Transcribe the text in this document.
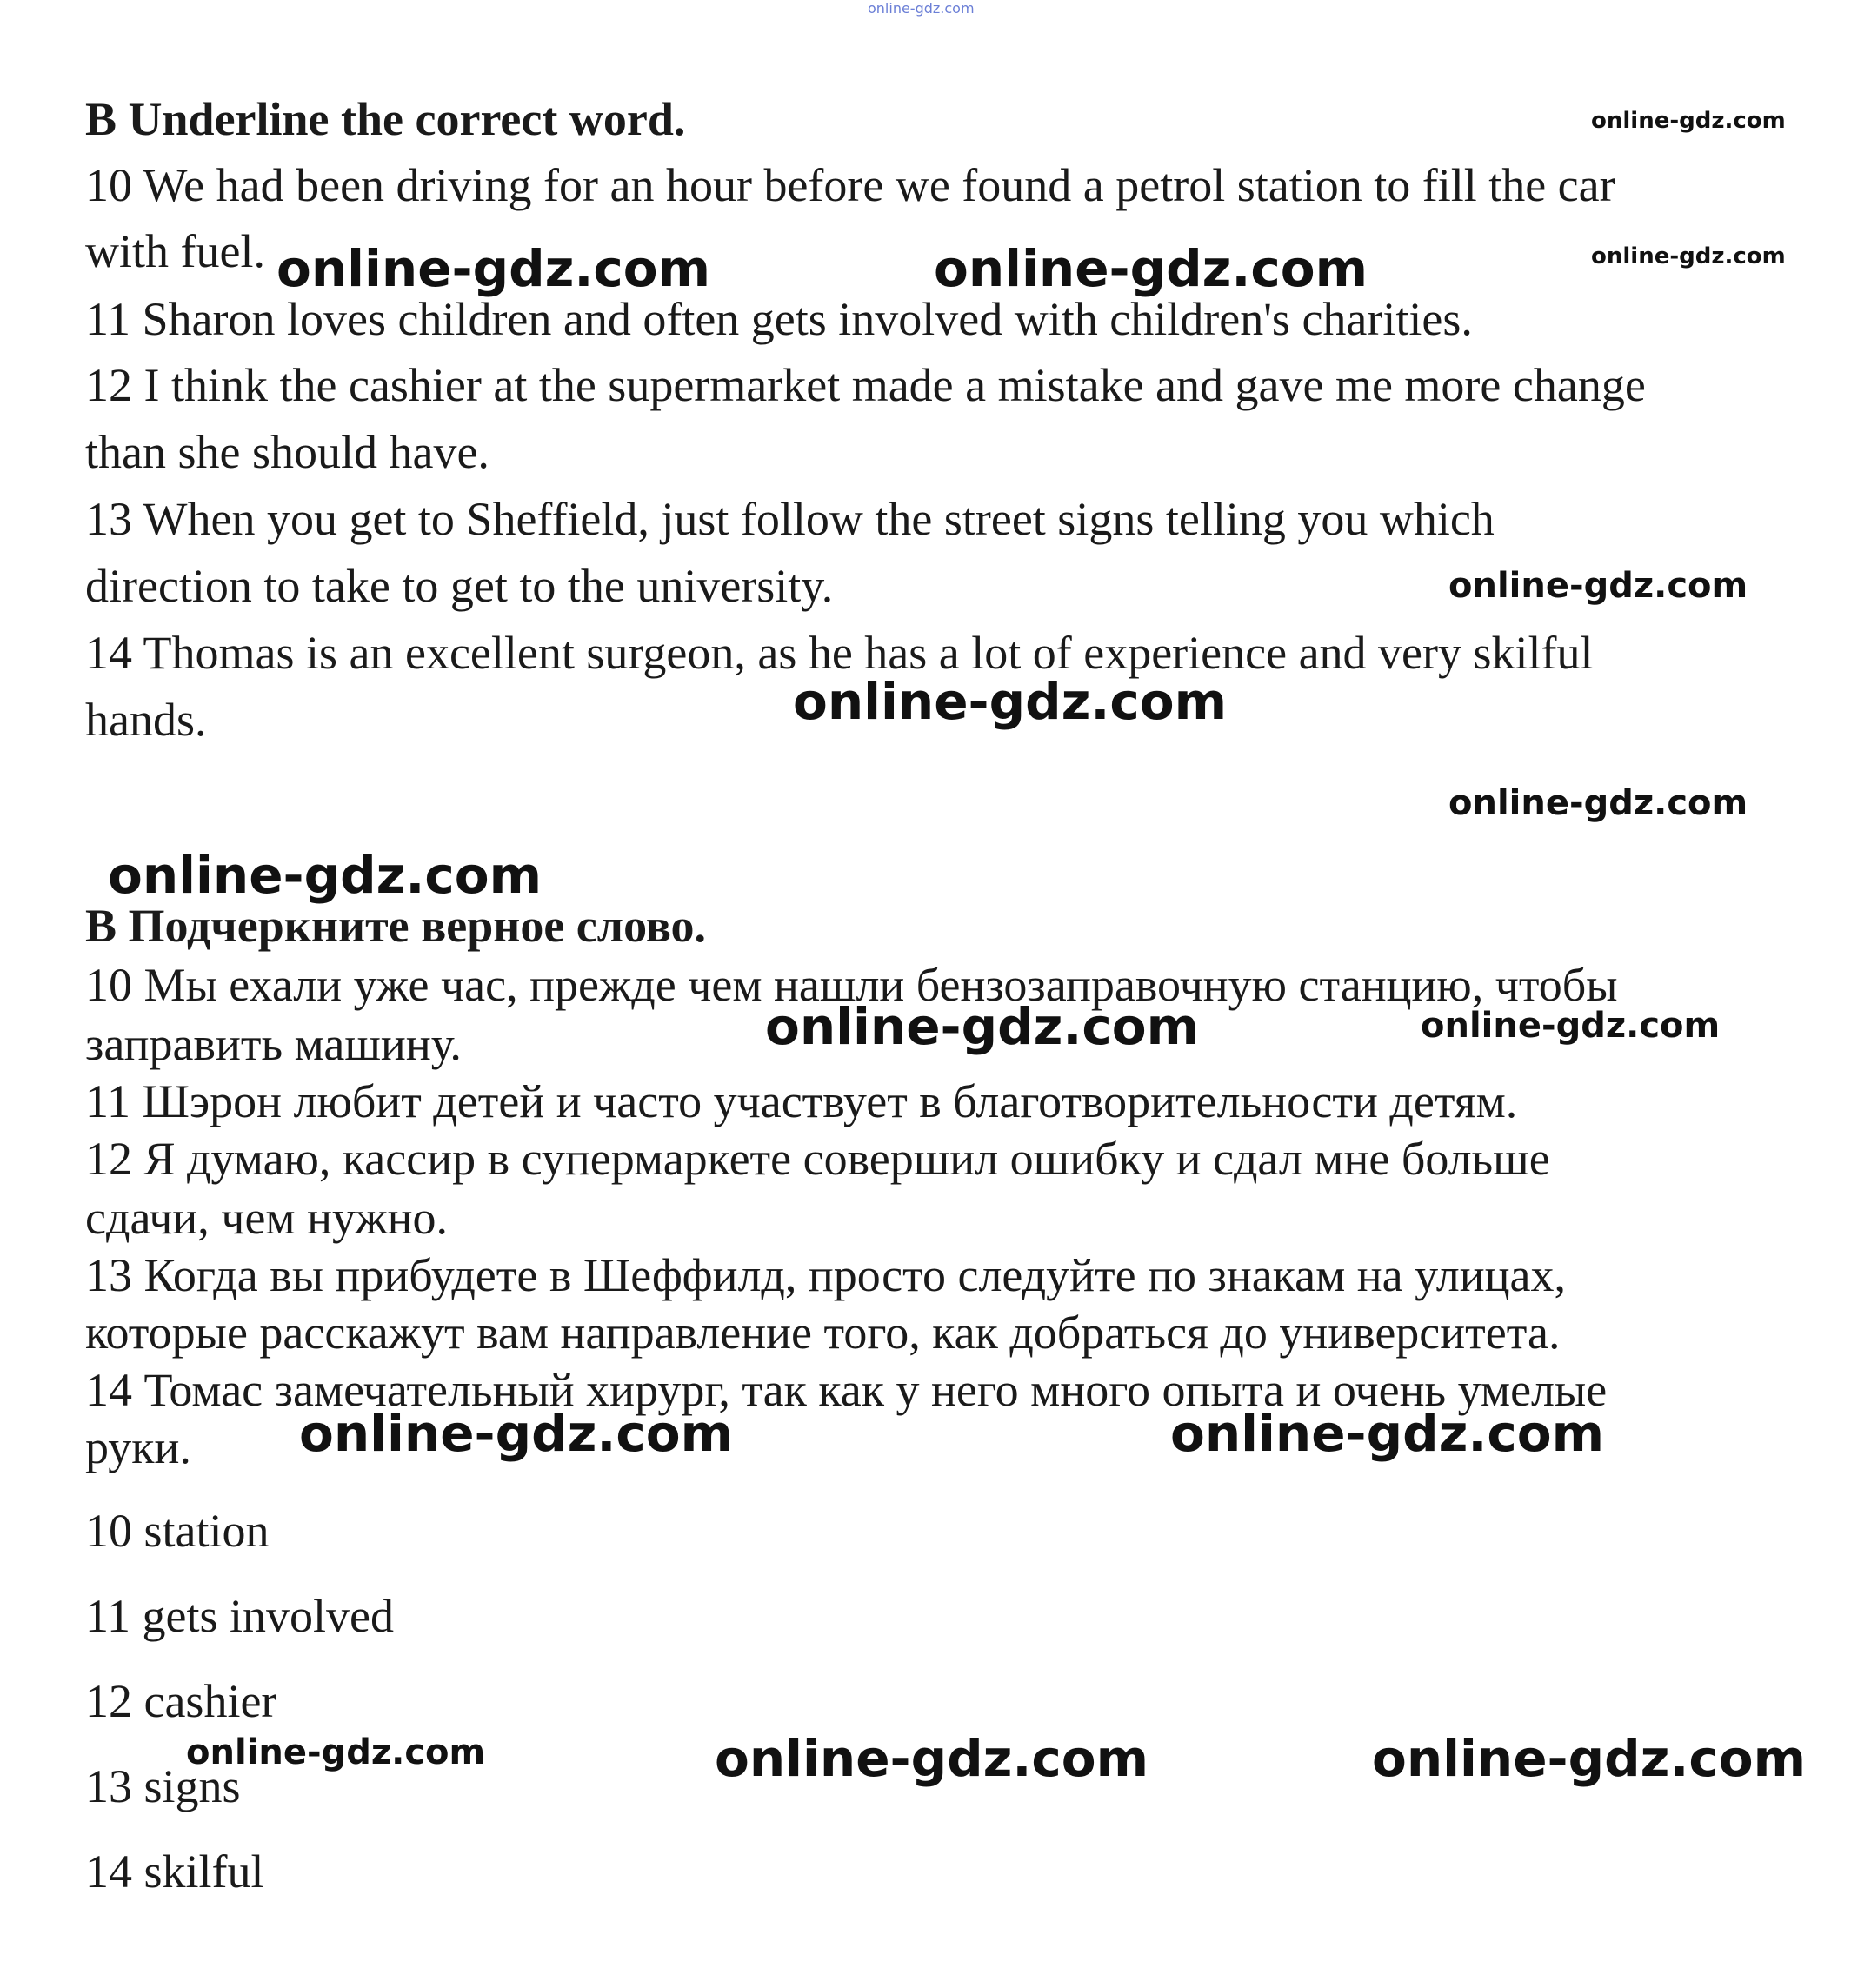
online-gdz.com
B Underline the correct word.
10 We had been driving for an hour before we found a petrol station to fill the car
with fuel.
11 Sharon loves children and often gets involved with children's charities.
12 I think the cashier at the supermarket made a mistake and gave me more change
than she should have.
13 When you get to Sheffield, just follow the street signs telling you which
direction to take to get to the university.
14 Thomas is an excellent surgeon, as he has a lot of experience and very skilful
hands.
В Подчеркните верное слово.
10 Мы ехали уже час, прежде чем нашли бензозаправочную станцию, чтобы
заправить машину.
11 Шэрон любит детей и часто участвует в благотворительности детям.
12 Я думаю, кассир в супермаркете совершил ошибку и сдал мне больше
сдачи, чем нужно.
13 Когда вы прибудете в Шеффилд, просто следуйте по знакам на улицах,
которые расскажут вам направление того, как добраться до университета.
14 Томас замечательный хирург, так как у него много опыта и очень умелые
руки.
10 station
11 gets involved
12 cashier
13 signs
14 skilful
online-gdz.com
online-gdz.com
online-gdz.com	online-gdz.com
online-gdz.com
online-gdz.com
online-gdz.com
online-gdz.com
online-gdz.com	online-gdz.com
online-gdz.com	online-gdz.com
online-gdz.com	online-gdz.com	online-gdz.com
